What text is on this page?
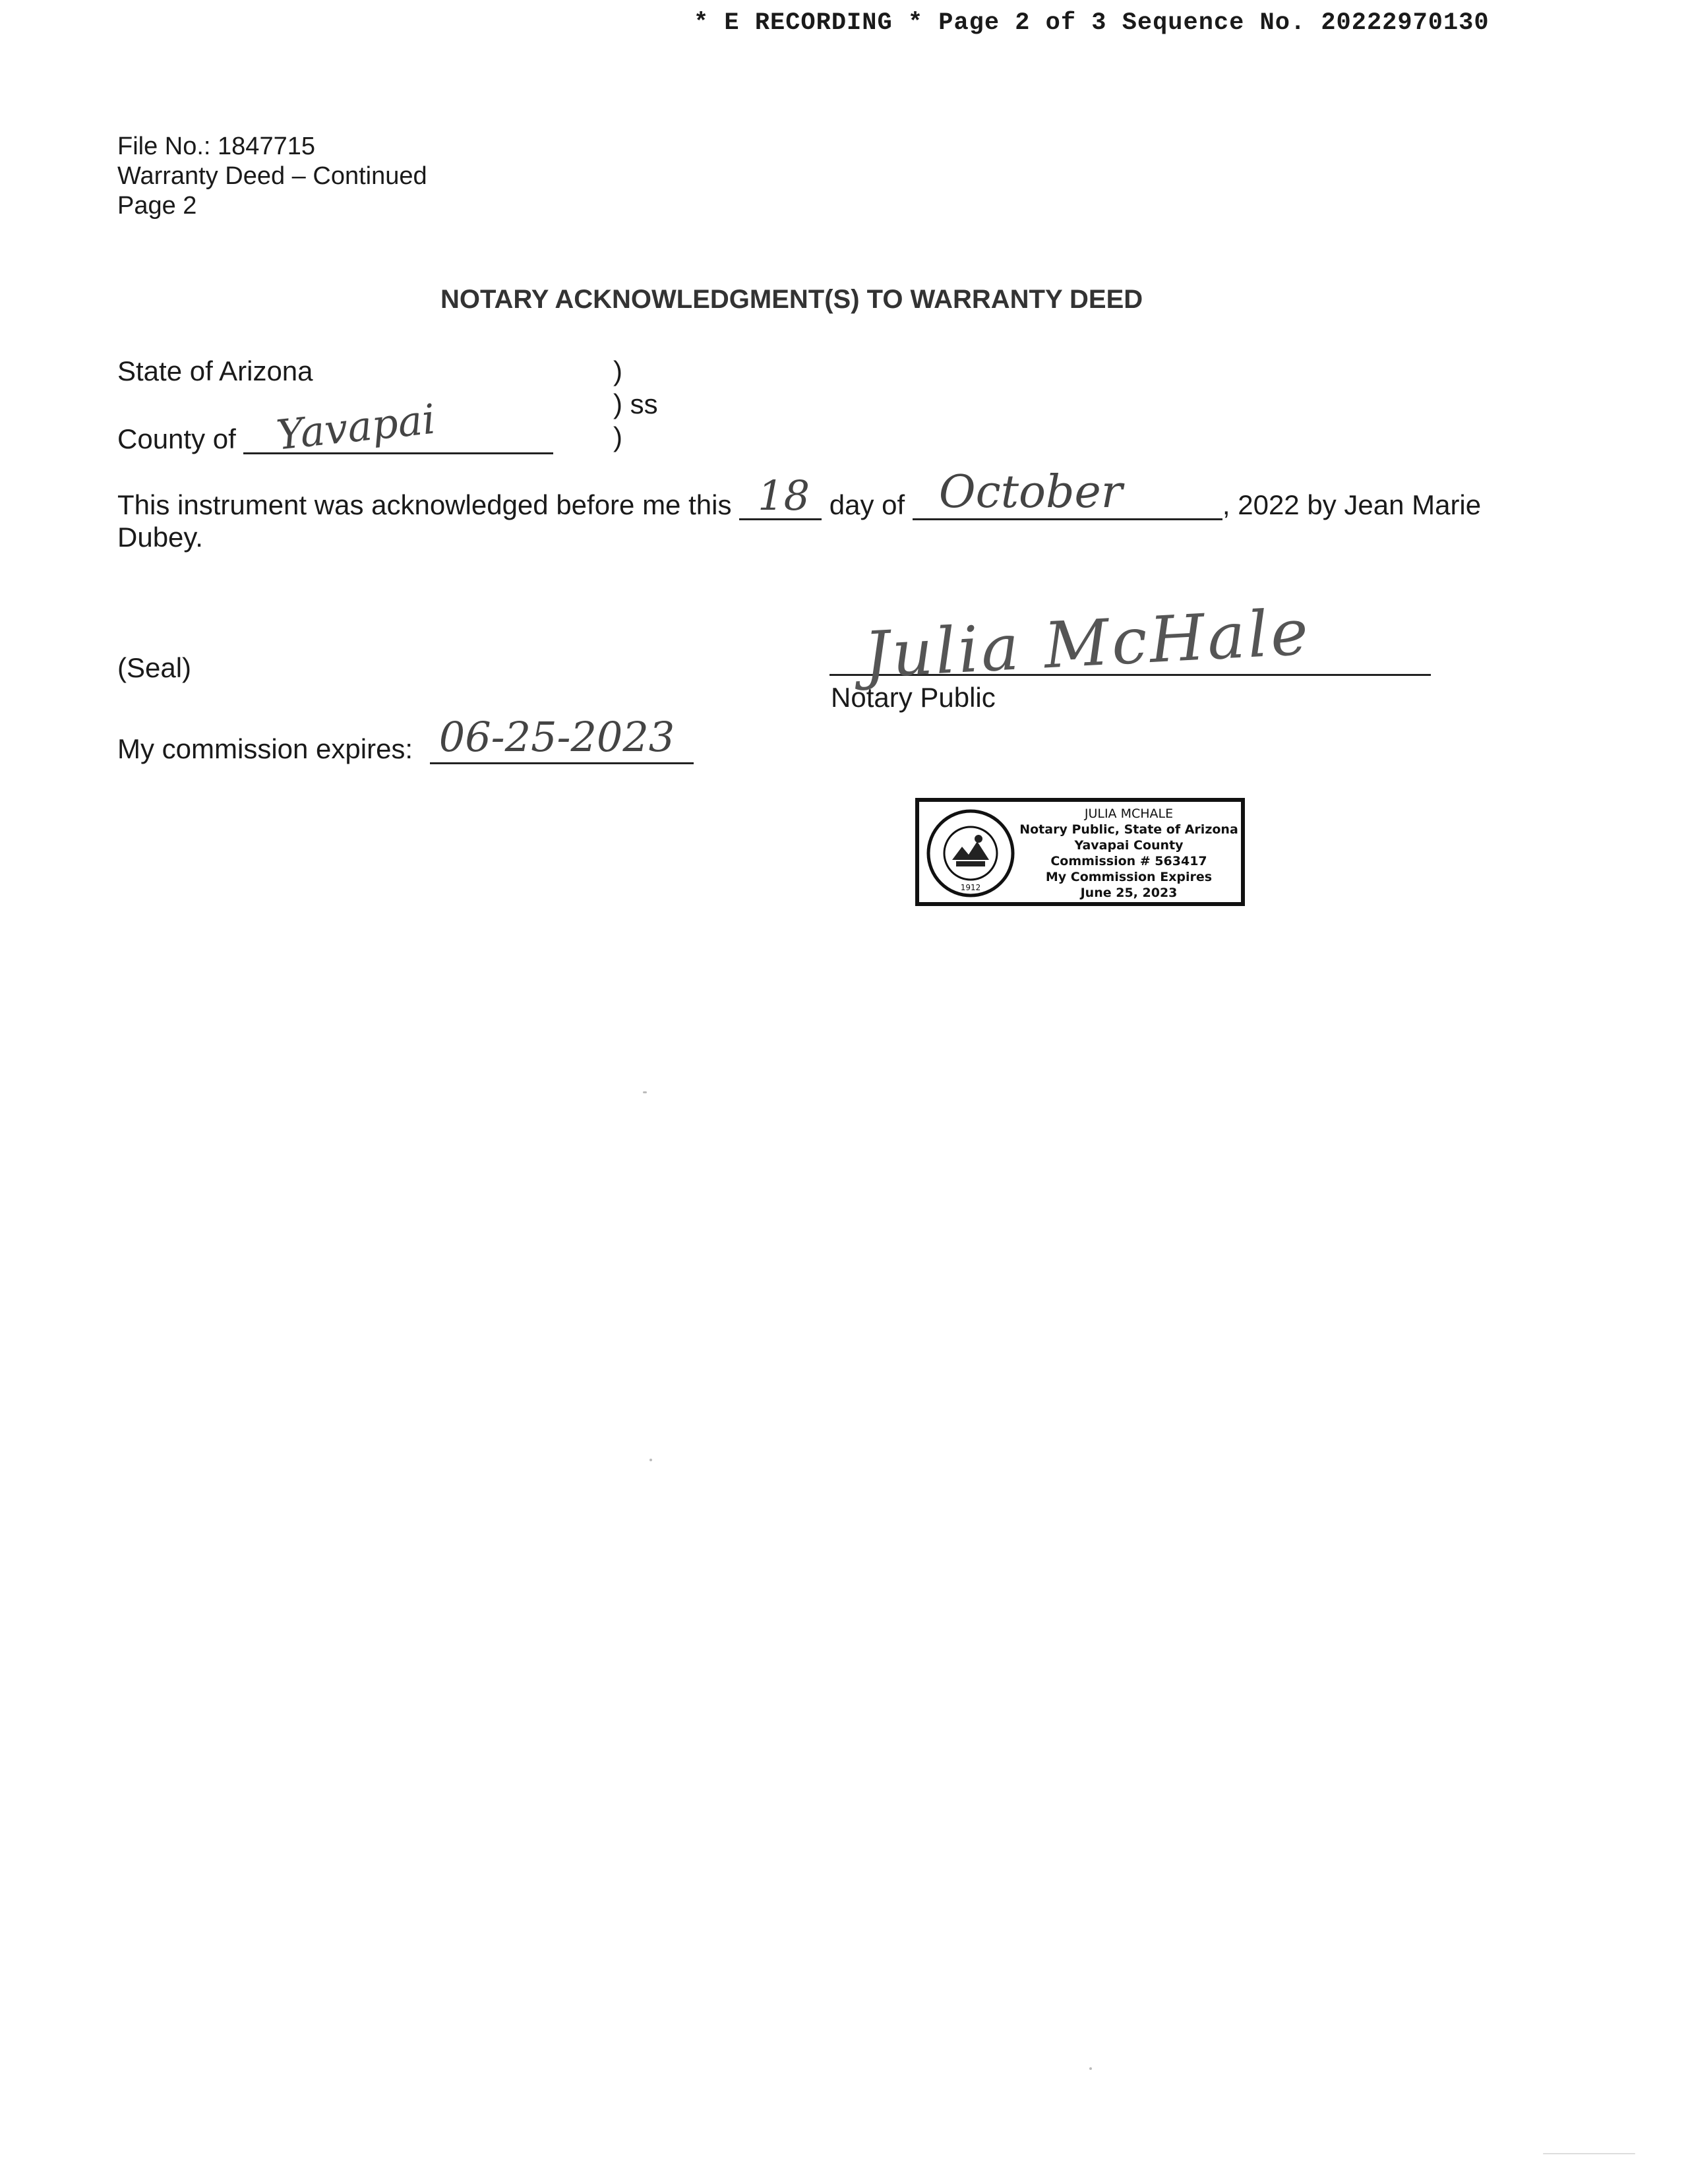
* E RECORDING * Page 2 of 3 Sequence No. 20222970130
File No.: 1847715
Warranty Deed – Continued
Page 2
NOTARY ACKNOWLEDGMENT(S) TO WARRANTY DEED
State of Arizona	)
) ss
)
County of Yavapai
This instrument was acknowledged before me this 18 day of October	, 2022 by Jean Marie
Dubey.
(Seal)	Julia McHale
Notary Public
My commission expires: 06-25-2023
1912
JULIA MCHALE
Notary Public, State of Arizona
Yavapai County
Commission # 563417
My Commission Expires
June 25, 2023
